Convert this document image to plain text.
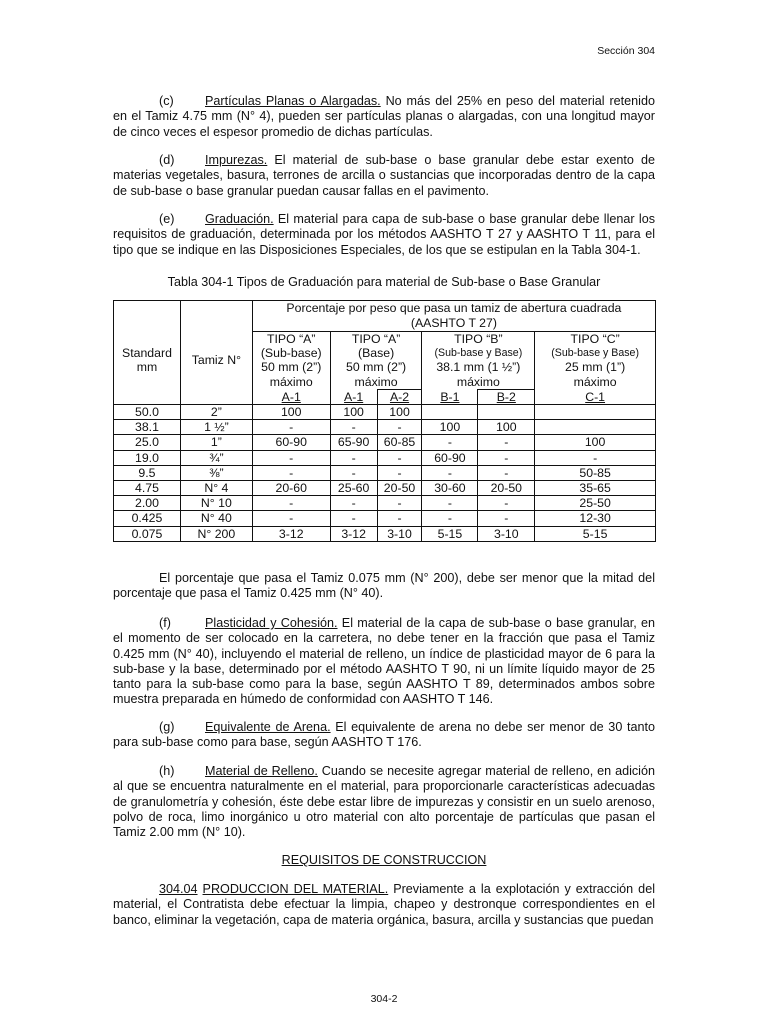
Sección 304
(c) Partículas Planas o Alargadas. No más del 25% en peso del material retenido en el Tamiz 4.75 mm (N° 4), pueden ser partículas planas o alargadas, con una longitud mayor de cinco veces el espesor promedio de dichas partículas.
(d) Impurezas. El material de sub-base o base granular debe estar exento de materias vegetales, basura, terrones de arcilla o sustancias que incorporadas dentro de la capa de sub-base o base granular puedan causar fallas en el pavimento.
(e) Graduación. El material para capa de sub-base o base granular debe llenar los requisitos de graduación, determinada por los métodos AASHTO T 27 y AASHTO T 11, para el tipo que se indique en las Disposiciones Especiales, de los que se estipulan en la Tabla 304-1.
Tabla 304-1 Tipos de Graduación para material de Sub-base o Base Granular
		Porcentaje por peso que pasa un tamiz de abertura cuadrada					
		(AASHTO T 27)					

Standard mm	Tamiz N°	TIPO “A”	TIPO “A”		TIPO “B”		TIPO “C”
		(Sub-base)	(Base)		(Sub-base y Base)		(Sub-base y Base)
		50 mm (2”)	50 mm (2”)		38.1 mm (1 ½”)		25 mm (1”)
		máximo	máximo		máximo		máximo
		A-1	A-1	A-2	B-1	B-2	C-1
50.0	2”	100	100	100			
38.1	1 ½”	-	-	-	100	100	
25.0	1”	60-90	65-90	60-85	-	-	100
19.0	¾”	-	-	-	60-90	-	-
9.5	⅜”	-	-	-	-	-	50-85
4.75	N° 4	20-60	25-60	20-50	30-60	20-50	35-65
2.00	N° 10	-	-	-	-	-	25-50
0.425	N° 40	-	-	-	-	-	12-30
0.075	N° 200	3-12	3-12	3-10	5-15	3-10	5-15
El porcentaje que pasa el Tamiz 0.075 mm (N° 200), debe ser menor que la mitad del porcentaje que pasa el Tamiz 0.425 mm (N° 40).
(f)	Plasticidad y Cohesión. El material de la capa de sub-base o base granular, en el momento de ser colocado en la carretera, no debe tener en la fracción que pasa el Tamiz 0.425 mm (N° 40), incluyendo el material de relleno, un índice de plasticidad mayor de 6 para la sub-base y la base, determinado por el método AASHTO T 90, ni un límite líquido mayor de 25 tanto para la sub-base como para la base, según AASHTO T 89, determinados ambos sobre muestra preparada en húmedo de conformidad con AASHTO T 146.
(g) Equivalente de Arena. El equivalente de arena no debe ser menor de 30 tanto para sub-base como para base, según AASHTO T 176.
(h) Material de Relleno. Cuando se necesite agregar material de relleno, en adición al que se encuentra naturalmente en el material, para proporcionarle características adecuadas de granulometría y cohesión, éste debe estar libre de impurezas y consistir en un suelo arenoso, polvo de roca, limo inorgánico u otro material con alto porcentaje de partículas que pasan el Tamiz 2.00 mm (N° 10).
REQUISITOS DE CONSTRUCCION
304.04 PRODUCCION DEL MATERIAL. Previamente a la explotación y extracción del material, el Contratista debe efectuar la limpia, chapeo y destronque correspondientes en el banco, eliminar la vegetación, capa de materia orgánica, basura, arcilla y sustancias que puedan
304-2
